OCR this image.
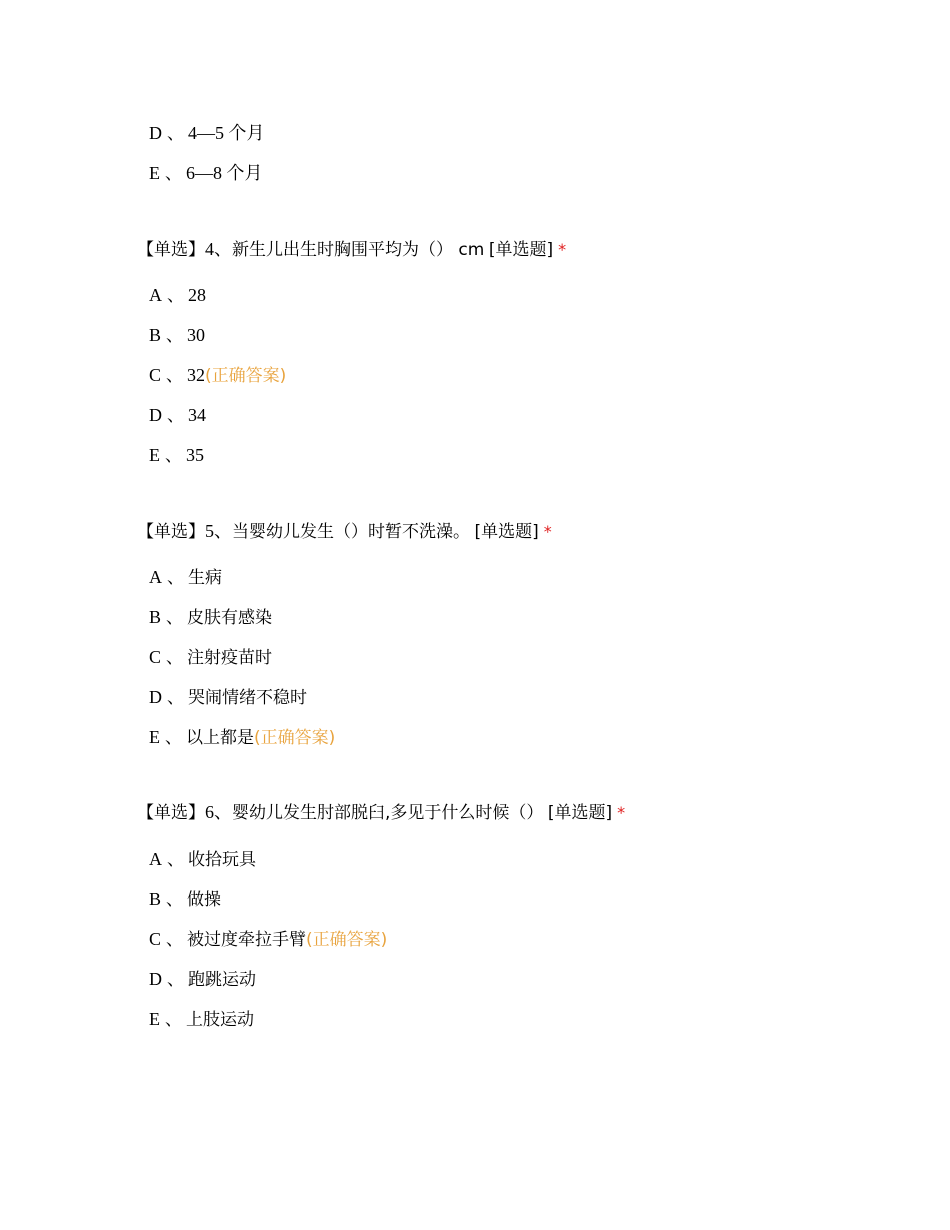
D 、 4—5 个月
E 、 6—8 个月
【单选】4、新生儿出生时胸围平均为（） cm [单选题] *
A 、 28
B 、 30
C 、 32(正确答案)
D 、 34
E 、 35
【单选】5、当婴幼儿发生（）时暂不洗澡。 [单选题] *
A 、 生病
B 、 皮肤有感染
C 、 注射疫苗时
D 、 哭闹情绪不稳时
E 、 以上都是(正确答案)
【单选】6、婴幼儿发生肘部脱臼,多见于什么时候（） [单选题] *
A 、 收拾玩具
B 、 做操
C 、 被过度牵拉手臂(正确答案)
D 、 跑跳运动
E 、 上肢运动
